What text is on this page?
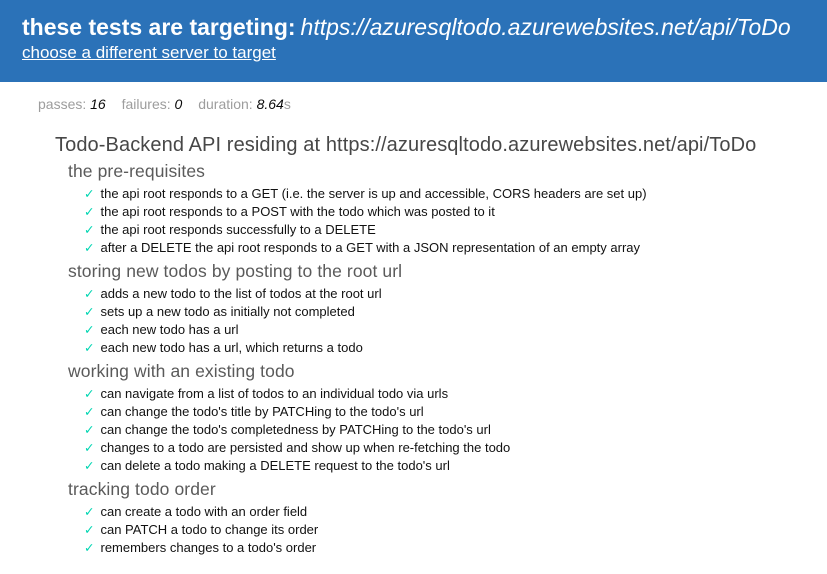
these tests are targeting: https://azuresqltodo.azurewebsites.net/api/ToDo
choose a different server to target
passes: 16 failures: 0 duration: 8.64s
Todo-Backend API residing at https://azuresqltodo.azurewebsites.net/api/ToDo
the pre-requisites
✓ the api root responds to a GET (i.e. the server is up and accessible, CORS headers are set up)
✓ the api root responds to a POST with the todo which was posted to it
✓ the api root responds successfully to a DELETE
✓ after a DELETE the api root responds to a GET with a JSON representation of an empty array
storing new todos by posting to the root url
✓ adds a new todo to the list of todos at the root url
✓ sets up a new todo as initially not completed
✓ each new todo has a url
✓ each new todo has a url, which returns a todo
working with an existing todo
✓ can navigate from a list of todos to an individual todo via urls
✓ can change the todo's title by PATCHing to the todo's url
✓ can change the todo's completedness by PATCHing to the todo's url
✓ changes to a todo are persisted and show up when re-fetching the todo
✓ can delete a todo making a DELETE request to the todo's url
tracking todo order
✓ can create a todo with an order field
✓ can PATCH a todo to change its order
✓ remembers changes to a todo's order
